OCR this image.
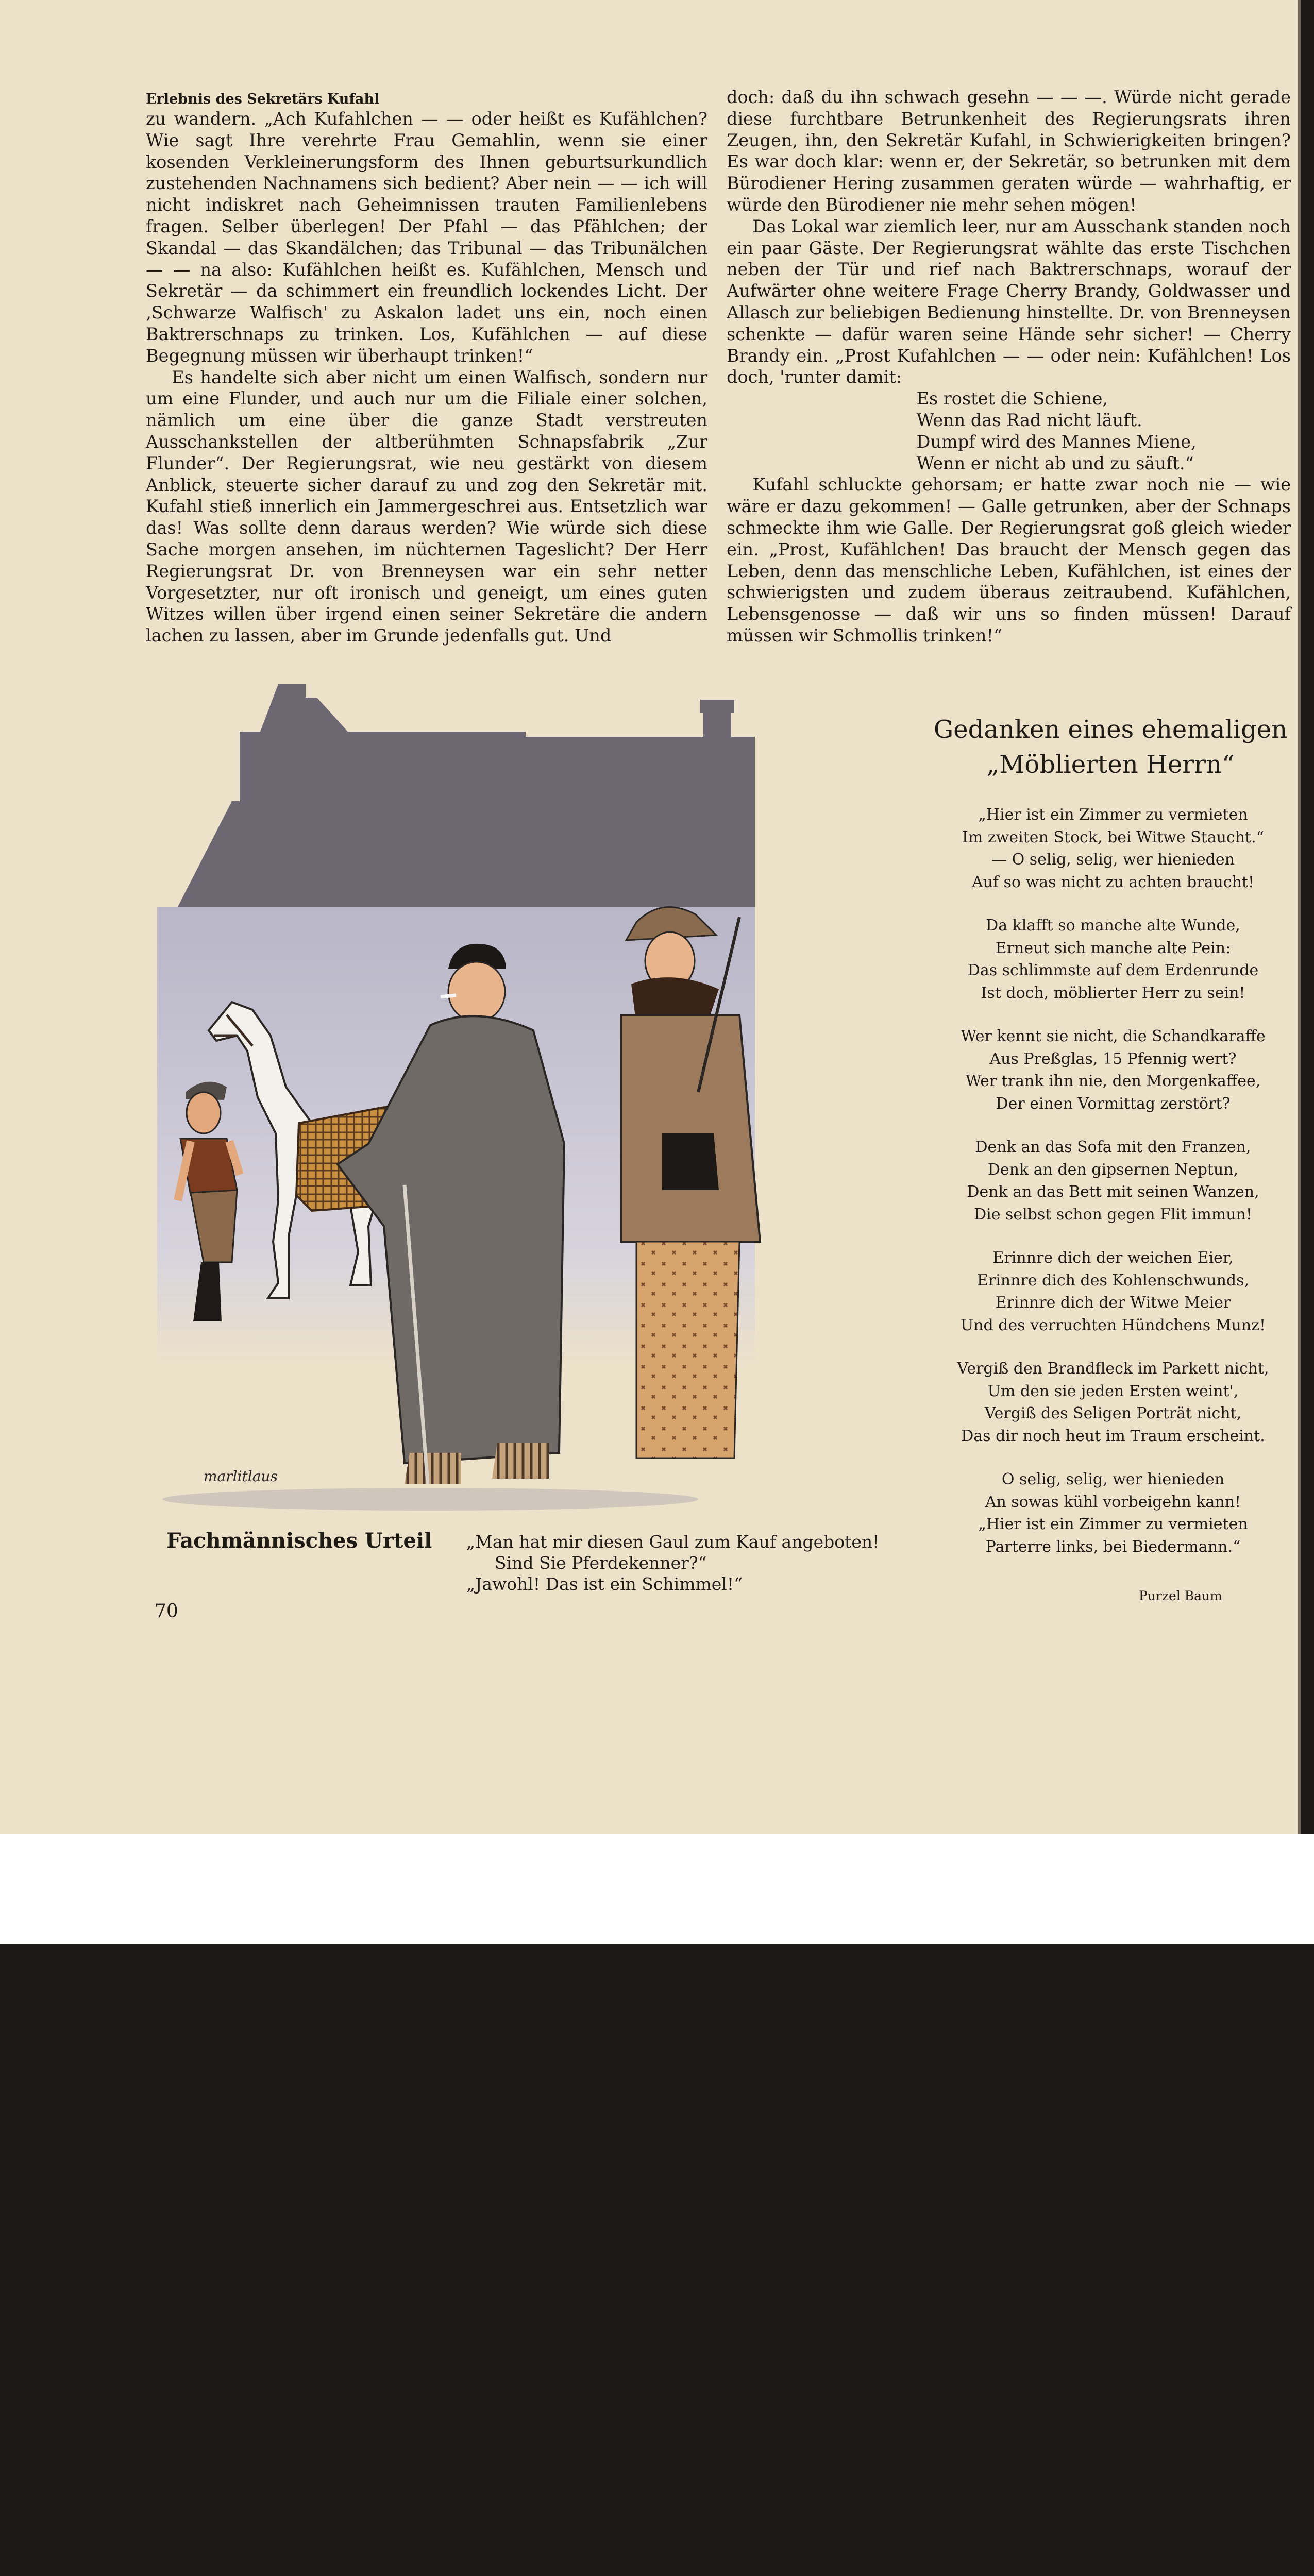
Erlebnis des Sekretärs Kufahl

zu wandern. „Ach Kufahlchen — — oder heißt es Kufählchen? Wie sagt Ihre verehrte Frau Gemahlin, wenn sie einer kosenden Verkleinerungsform des Ihnen geburtsurkundlich zustehenden Nachnamens sich bedient? Aber nein — — ich will nicht indiskret nach Geheimnissen trauten Familienlebens fragen. Selber überlegen! Der Pfahl — das Pfählchen; der Skandal — das Skandälchen; das Tribunal — das Tribunälchen — — na also: Kufählchen heißt es. Kufählchen, Mensch und Sekretär — da schimmert ein freundlich lockendes Licht. Der ‚Schwarze Walfisch' zu Askalon ladet uns ein, noch einen Baktrerschnaps zu trinken. Los, Kufählchen — auf diese Begegnung müssen wir überhaupt trinken!“

Es handelte sich aber nicht um einen Walfisch, sondern nur um eine Flunder, und auch nur um die Filiale einer solchen, nämlich um eine über die ganze Stadt verstreuten Ausschankstellen der altberühmten Schnapsfabrik „Zur Flunder“. Der Regierungsrat, wie neu gestärkt von diesem Anblick, steuerte sicher darauf zu und zog den Sekretär mit. Kufahl stieß innerlich ein Jammergeschrei aus. Entsetzlich war das! Was sollte denn daraus werden? Wie würde sich diese Sache morgen ansehen, im nüchternen Tageslicht? Der Herr Regierungsrat Dr. von Brenneysen war ein sehr netter Vorgesetzter, nur oft ironisch und geneigt, um eines guten Witzes willen über irgend einen seiner Sekretäre die andern lachen zu lassen, aber im Grunde jedenfalls gut. Und

doch: daß du ihn schwach gesehn — — —. Würde nicht gerade diese furchtbare Betrunkenheit des Regierungsrats ihren Zeugen, ihn, den Sekretär Kufahl, in Schwierigkeiten bringen? Es war doch klar: wenn er, der Sekretär, so betrunken mit dem Bürodiener Hering zusammen geraten würde — wahrhaftig, er würde den Bürodiener nie mehr sehen mögen!

Das Lokal war ziemlich leer, nur am Ausschank standen noch ein paar Gäste. Der Regierungsrat wählte das erste Tischchen neben der Tür und rief nach Baktrerschnaps, worauf der Aufwärter ohne weitere Frage Cherry Brandy, Goldwasser und Allasch zur beliebigen Bedienung hinstellte. Dr. von Brenneysen schenkte — dafür waren seine Hände sehr sicher! — Cherry Brandy ein. „Prost Kufahlchen — — oder nein: Kufählchen! Los doch, 'runter damit:

Es rostet die Schiene,

Wenn das Rad nicht läuft.

Dumpf wird des Mannes Miene,

Wenn er nicht ab und zu säuft.“

Kufahl schluckte gehorsam; er hatte zwar noch nie — wie wäre er dazu gekommen! — Galle getrunken, aber der Schnaps schmeckte ihm wie Galle. Der Regierungsrat goß gleich wieder ein. „Prost, Kufählchen! Das braucht der Mensch gegen das Leben, denn das menschliche Leben, Kufählchen, ist eines der schwierigsten und zudem überaus zeitraubend. Kufählchen, Lebensgenosse — daß wir uns so finden müssen! Darauf müssen wir Schmollis trinken!“

marlitlaus
Fachmännisches Urteil „Man hat mir diesen Gaul zum Kauf angeboten!
Sind Sie Pferdekenner?“
„Jawohl! Das ist ein Schimmel!“
70
Gedanken eines ehemaligen
„Möblierten Herrn“
„Hier ist ein Zimmer zu vermieten
Im zweiten Stock, bei Witwe Staucht.“
— O selig, selig, wer hienieden
Auf so was nicht zu achten braucht!
Da klafft so manche alte Wunde,
Erneut sich manche alte Pein:
Das schlimmste auf dem Erdenrunde
Ist doch, möblierter Herr zu sein!
Wer kennt sie nicht, die Schandkaraffe
Aus Preßglas, 15 Pfennig wert?
Wer trank ihn nie, den Morgenkaffee,
Der einen Vormittag zerstört?
Denk an das Sofa mit den Franzen,
Denk an den gipsernen Neptun,
Denk an das Bett mit seinen Wanzen,
Die selbst schon gegen Flit immun!
Erinnre dich der weichen Eier,
Erinnre dich des Kohlenschwunds,
Erinnre dich der Witwe Meier
Und des verruchten Hündchens Munz!
Vergiß den Brandfleck im Parkett nicht,
Um den sie jeden Ersten weint',
Vergiß des Seligen Porträt nicht,
Das dir noch heut im Traum erscheint.
O selig, selig, wer hienieden
An sowas kühl vorbeigehn kann!
„Hier ist ein Zimmer zu vermieten
Parterre links, bei Biedermann.“
Purzel Baum
